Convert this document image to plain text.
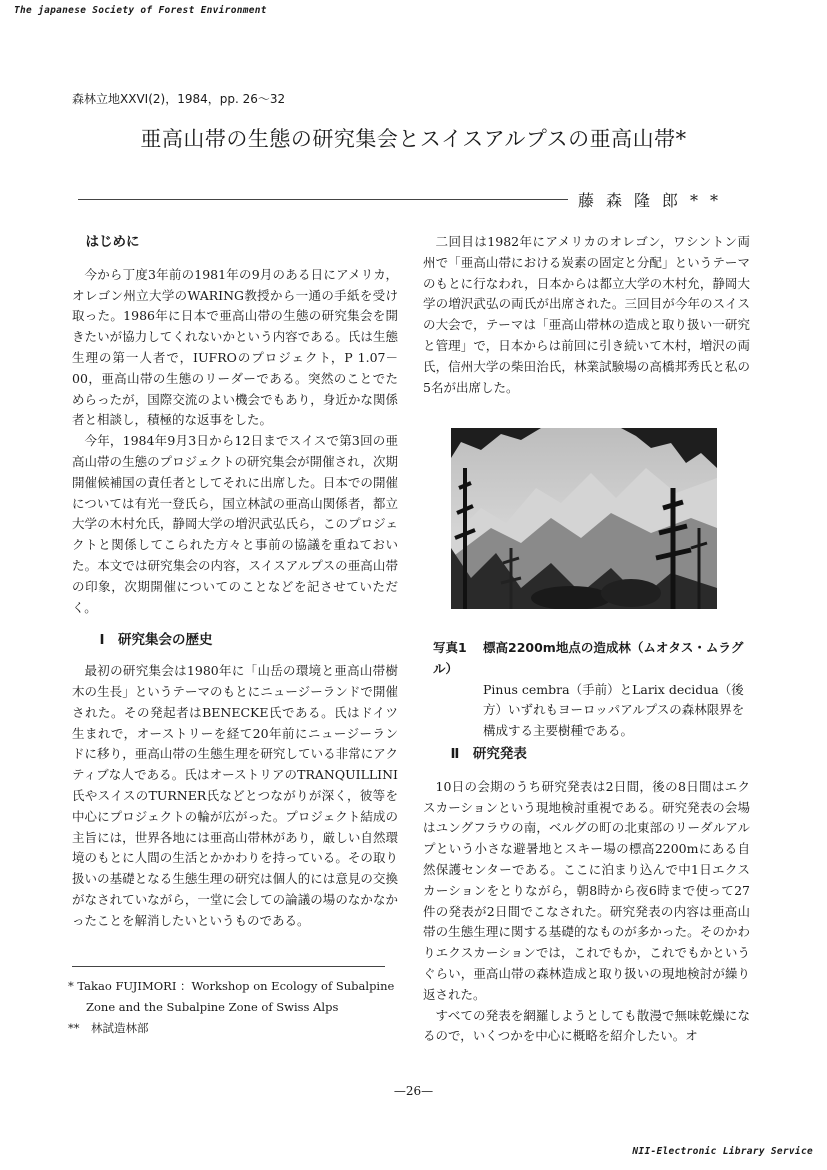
The japanese Society of Forest Environment
森林立地XXVI(2)，1984，pp. 26～32
亜高山帯の生態の研究集会とスイスアルプスの亜高山帯*
藤森隆郎**

はじめに

今から丁度3年前の1981年の9月のある日にアメリカ，オレゴン州立大学のWARING教授から一通の手紙を受け取った。1986年に日本で亜高山帯の生態の研究集会を開きたいが協力してくれないかという内容である。氏は生態生理の第一人者で，IUFROのプロジェクト，P 1.07－00，亜高山帯の生態のリーダーである。突然のことでためらったが，国際交流のよい機会でもあり，身近かな関係者と相談し，積極的な返事をした。

今年，1984年9月3日から12日までスイスで第3回の亜高山帯の生態のプロジェクトの研究集会が開催され，次期開催候補国の責任者としてそれに出席した。日本での開催については有光一登氏ら，国立林試の亜高山関係者，都立大学の木村允氏，静岡大学の増沢武弘氏ら，このプロジェクトと関係してこられた方々と事前の協議を重ねておいた。本文では研究集会の内容，スイスアルプスの亜高山帯の印象，次期開催についてのことなどを記させていただく。

Ⅰ　研究集会の歴史

最初の研究集会は1980年に「山岳の環境と亜高山帯樹木の生長」というテーマのもとにニュージーランドで開催された。その発起者はBENECKE氏である。氏はドイツ生まれで，オーストリーを経て20年前にニュージーランドに移り，亜高山帯の生態生理を研究している非常にアクティブな人である。氏はオーストリアのTRANQUILLINI氏やスイスのTURNER氏などとつながりが深く，彼等を中心にプロジェクトの輪が広がった。プロジェクト結成の主旨には，世界各地には亜高山帯林があり，厳しい自然環境のもとに人間の生活とかかわりを持っている。その取り扱いの基礎となる生態生理の研究は個人的には意見の交換がなされていながら，一堂に会しての論議の場のなかなかったことを解消したいというものである。

二回目は1982年にアメリカのオレゴン，ワシントン両州で「亜高山帯における炭素の固定と分配」というテーマのもとに行なわれ，日本からは都立大学の木村允，静岡大学の増沢武弘の両氏が出席された。三回目が今年のスイスの大会で，テーマは「亜高山帯林の造成と取り扱い一研究と管理」で，日本からは前回に引き続いて木村，増沢の両氏，信州大学の柴田治氏，林業試験場の高橋邦秀氏と私の5名が出席した。

写真1 標高2200m地点の造成林（ムオタス・ムラグル）
Pinus cembra（手前）とLarix decidua（後方）いずれもヨーロッパアルプスの森林限界を構成する主要樹種である。

Ⅱ　研究発表

10日の会期のうち研究発表は2日間，後の8日間はエクスカーションという現地検討重視である。研究発表の会場はユングフラウの南，ベルグの町の北東部のリーダルアルプという小さな避暑地とスキー場の標高2200mにある自然保護センターである。ここに泊まり込んで中1日エクスカーションをとりながら，朝8時から夜6時まで使って27件の発表が2日間でこなされた。研究発表の内容は亜高山帯の生態生理に関する基礎的なものが多かった。そのかわりエクスカーションでは，これでもか，これでもかというぐらい，亜高山帯の森林造成と取り扱いの現地検討が繰り返された。

すべての発表を網羅しようとしても散漫で無味乾燥になるので，いくつかを中心に概略を紹介したい。オ

* Takao FUJIMORI ：Workshop on Ecology of Subalpine
Zone and the Subalpine Zone of Swiss Alps
**　林試造林部
—26—
NII-Electronic Library Service
